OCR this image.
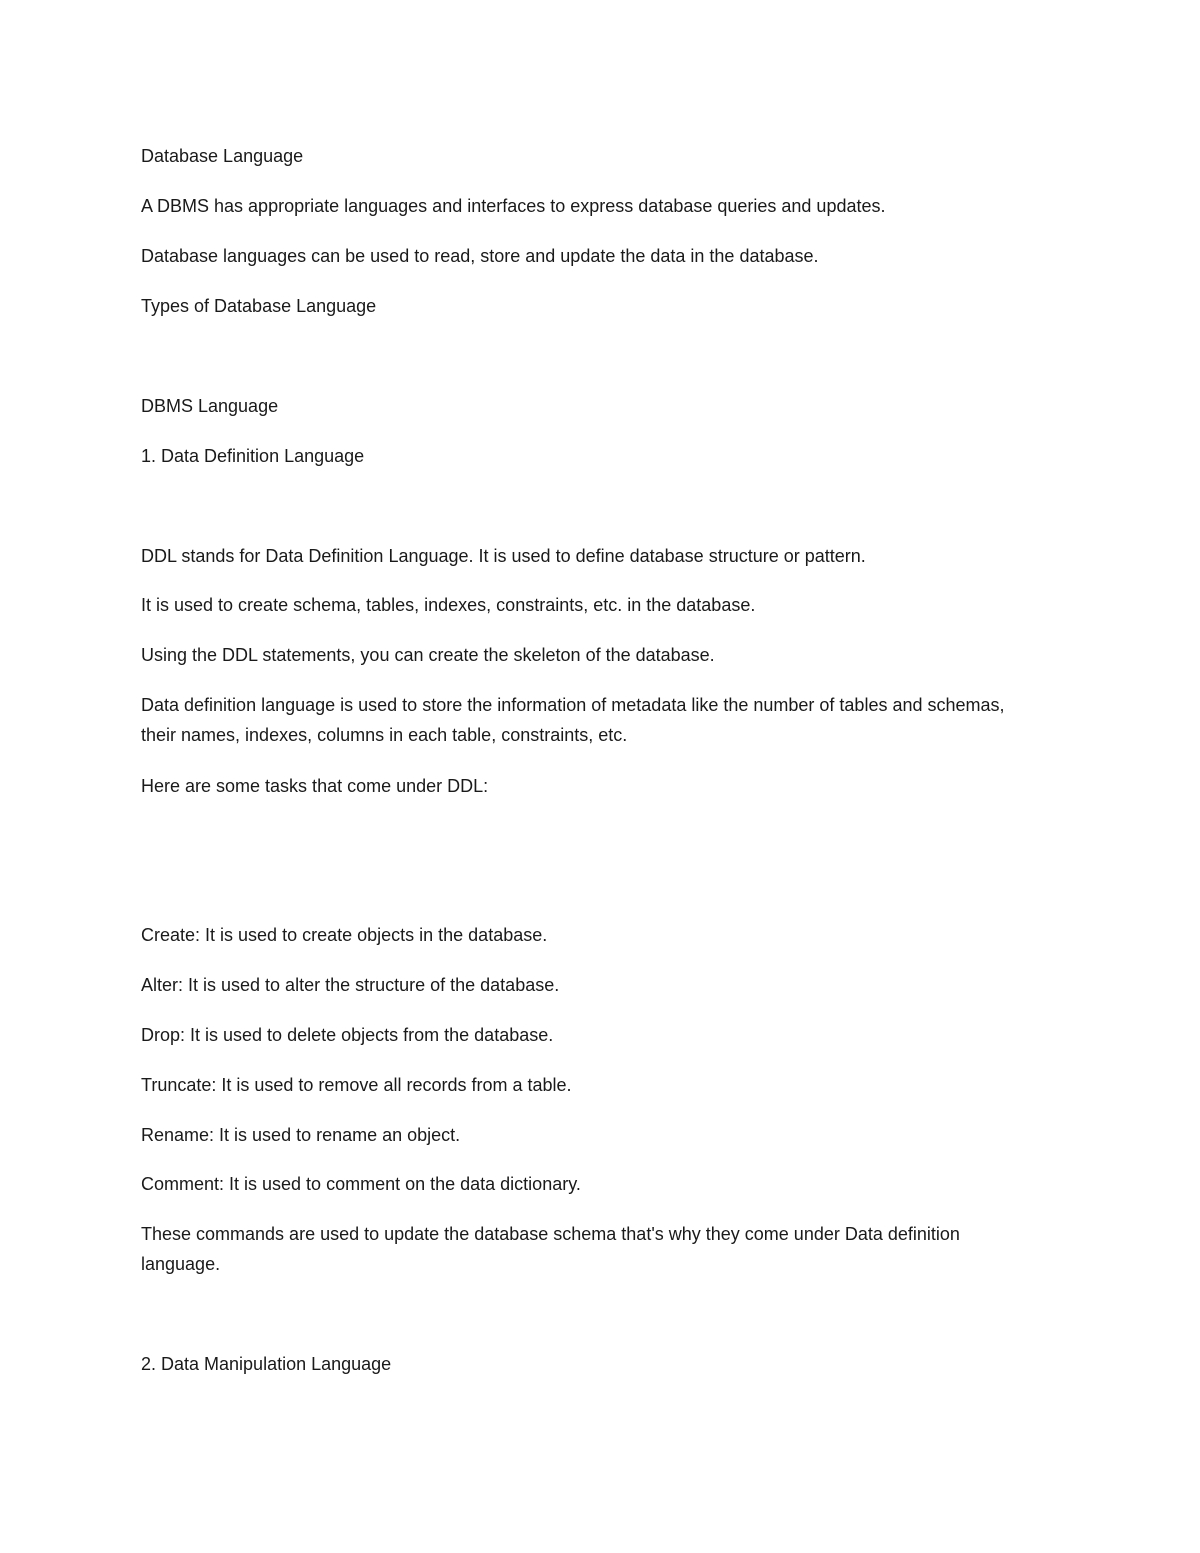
Database Language

A DBMS has appropriate languages and interfaces to express database queries and updates.

Database languages can be used to read, store and update the data in the database.

Types of Database Language

DBMS Language

1. Data Definition Language

DDL stands for Data Definition Language. It is used to define database structure or pattern.

It is used to create schema, tables, indexes, constraints, etc. in the database.

Using the DDL statements, you can create the skeleton of the database.

Data definition language is used to store the information of metadata like the number of tables and schemas, their names, indexes, columns in each table, constraints, etc.

Here are some tasks that come under DDL:

Create: It is used to create objects in the database.

Alter: It is used to alter the structure of the database.

Drop: It is used to delete objects from the database.

Truncate: It is used to remove all records from a table.

Rename: It is used to rename an object.

Comment: It is used to comment on the data dictionary.

These commands are used to update the database schema that's why they come under Data definition language.

2. Data Manipulation Language
